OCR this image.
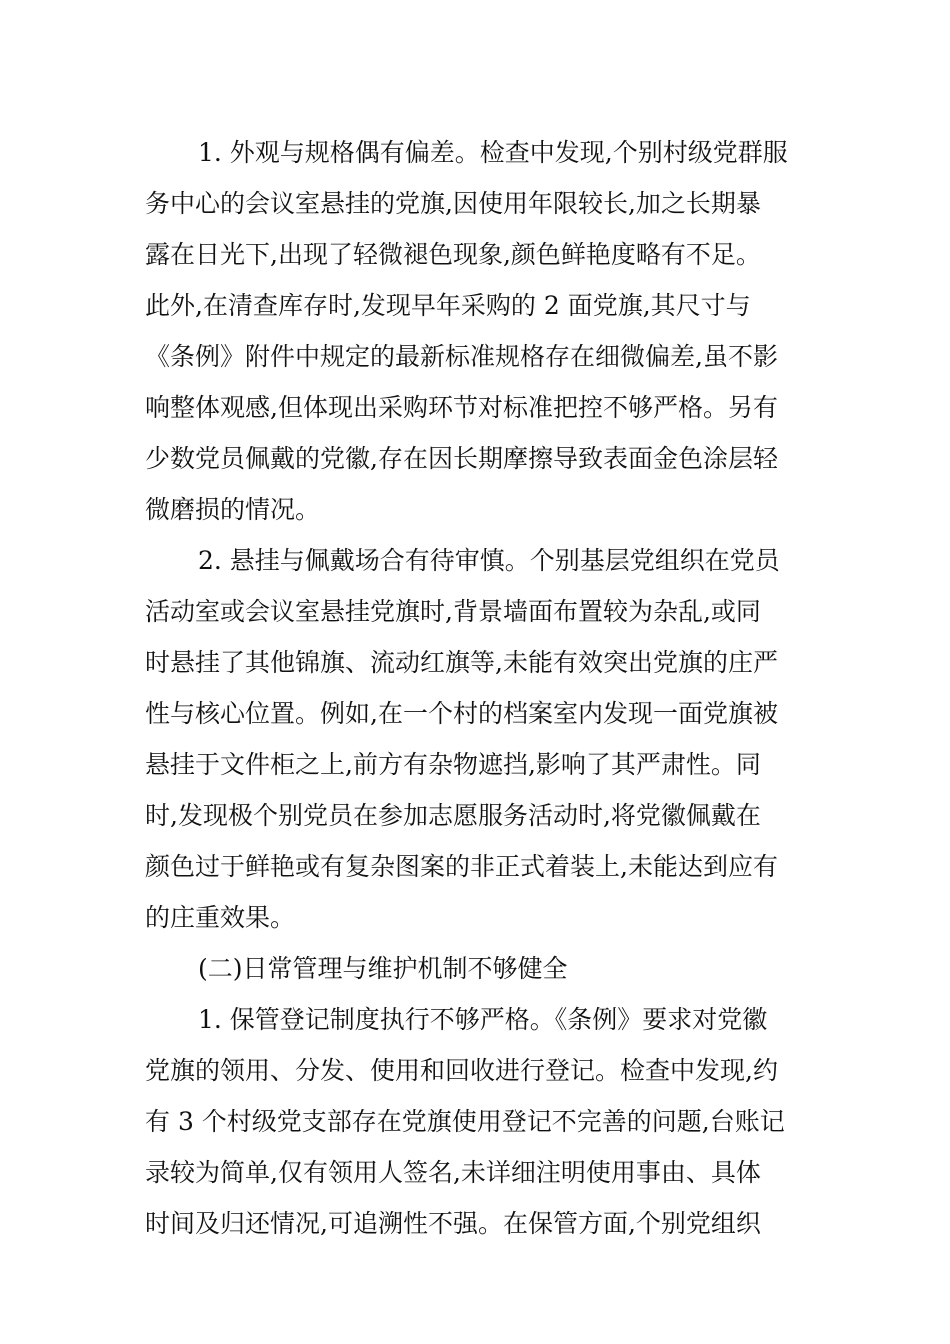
1. 外观与规格偶有偏差。检查中发现,个别村级党群服
务中心的会议室悬挂的党旗,因使用年限较长,加之长期暴
露在日光下,出现了轻微褪色现象,颜色鲜艳度略有不足。
此外,在清查库存时,发现早年采购的 2 面党旗,其尺寸与
《条例》附件中规定的最新标准规格存在细微偏差,虽不影
响整体观感,但体现出采购环节对标准把控不够严格。另有
少数党员佩戴的党徽,存在因长期摩擦导致表面金色涂层轻
微磨损的情况。
2. 悬挂与佩戴场合有待审慎。个别基层党组织在党员
活动室或会议室悬挂党旗时,背景墙面布置较为杂乱,或同
时悬挂了其他锦旗、流动红旗等,未能有效突出党旗的庄严
性与核心位置。例如,在一个村的档案室内发现一面党旗被
悬挂于文件柜之上,前方有杂物遮挡,影响了其严肃性。同
时,发现极个别党员在参加志愿服务活动时,将党徽佩戴在
颜色过于鲜艳或有复杂图案的非正式着装上,未能达到应有
的庄重效果。
(二)日常管理与维护机制不够健全
1. 保管登记制度执行不够严格。《条例》要求对党徽
党旗的领用、分发、使用和回收进行登记。检查中发现,约
有 3 个村级党支部存在党旗使用登记不完善的问题,台账记
录较为简单,仅有领用人签名,未详细注明使用事由、具体
时间及归还情况,可追溯性不强。在保管方面,个别党组织
